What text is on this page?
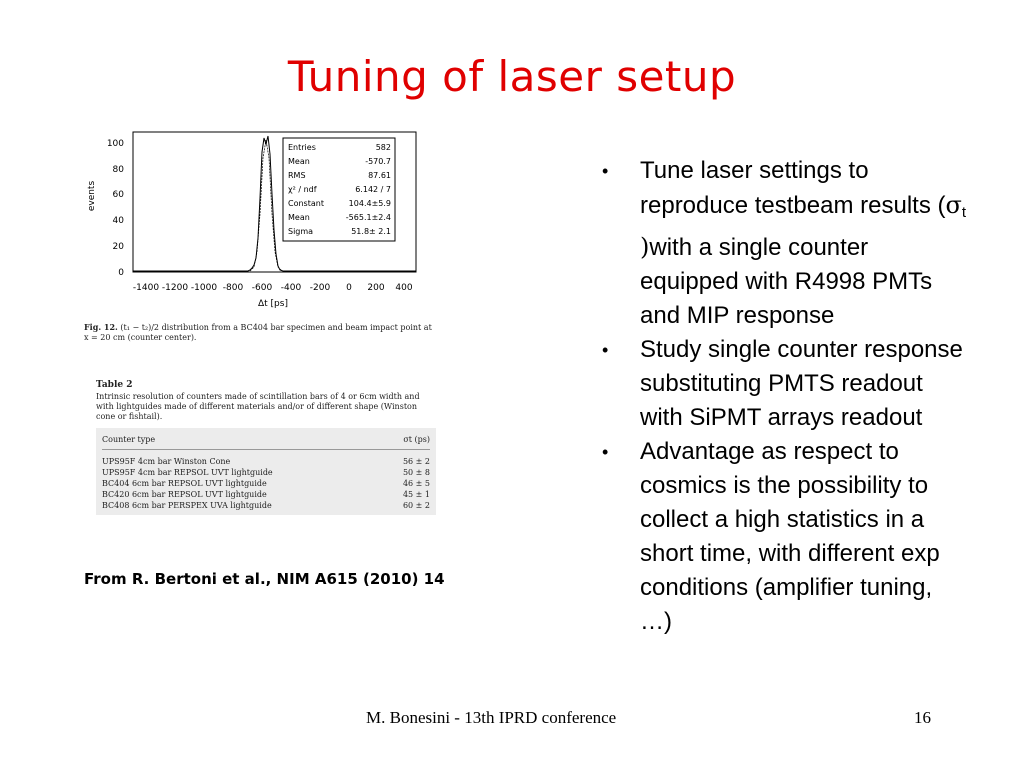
Tuning of laser setup
events
0
20
40
60
80
100
-1400 -1200 -1000 -800 -600 -400 -200 0 200 400
Δt [ps]
Entries	582
Mean	-570.7
RMS	87.61
χ² / ndf	6.142 / 7
Constant	104.4±5.9
Mean	-565.1±2.4
Sigma	51.8± 2.1
Fig. 12. (t₁ − t₂)/2 distribution from a BC404 bar specimen and beam impact point at x = 20 cm (counter center).
Table 2
Intrinsic resolution of counters made of scintillation bars of 4 or 6cm width and with lightguides made of different materials and/or of different shape (Winston cone or fishtail).
Counter type	σt (ps)
UPS95F 4cm bar Winston Cone	56 ± 2
UPS95F 4cm bar REPSOL UVT lightguide	50 ± 8
BC404 6cm bar REPSOL UVT lightguide	46 ± 5
BC420 6cm bar REPSOL UVT lightguide	45 ± 1
BC408 6cm bar PERSPEX UVA lightguide	60 ± 2
From R. Bertoni et al., NIM A615 (2010) 14
•	Tune laser settings to reproduce testbeam results ($\sigma_t$ )with a single counter equipped with R4998 PMTs and MIP response
•	Study single counter response substituting PMTS readout with SiPMT arrays readout
•	Advantage as respect to cosmics is the possibility to collect a high statistics in a short time, with different exp conditions (amplifier tuning, …)
M. Bonesini - 13th IPRD conference	16
